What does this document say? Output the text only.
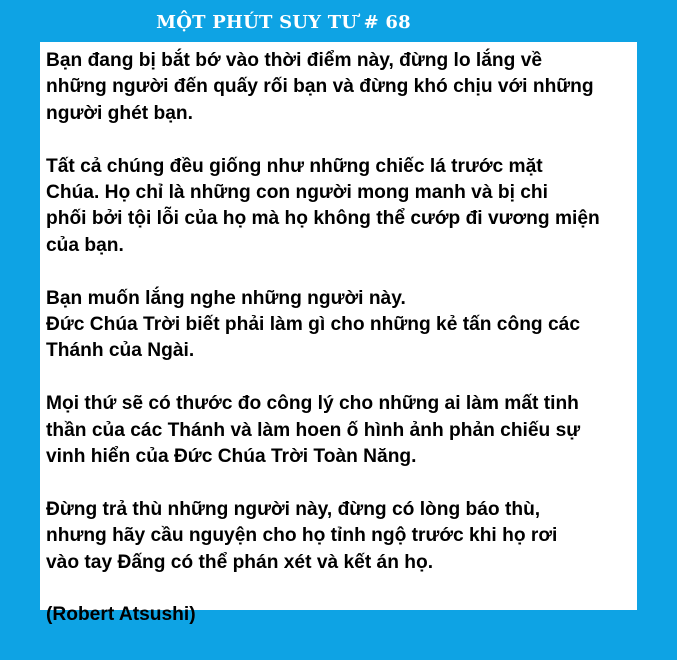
MỘT PHÚT SUY TƯ # 68

Bạn đang bị bắt bớ vào thời điểm này, đừng lo lắng về
những người đến quấy rối bạn và đừng khó chịu với những
người ghét bạn.

Tất cả chúng đều giống như những chiếc lá trước mặt
Chúa. Họ chỉ là những con người mong manh và bị chi
phối bởi tội lỗi của họ mà họ không thể cướp đi vương miện
của bạn.

Bạn muốn lắng nghe những người này.
Đức Chúa Trời biết phải làm gì cho những kẻ tấn công các
Thánh của Ngài.

Mọi thứ sẽ có thước đo công lý cho những ai làm mất tinh
thần của các Thánh và làm hoen ố hình ảnh phản chiếu sự
vinh hiển của Đức Chúa Trời Toàn Năng.

Đừng trả thù những người này, đừng có lòng báo thù,
nhưng hãy cầu nguyện cho họ tỉnh ngộ trước khi họ rơi
vào tay Đấng có thể phán xét và kết án họ.

(Robert Atsushi)
